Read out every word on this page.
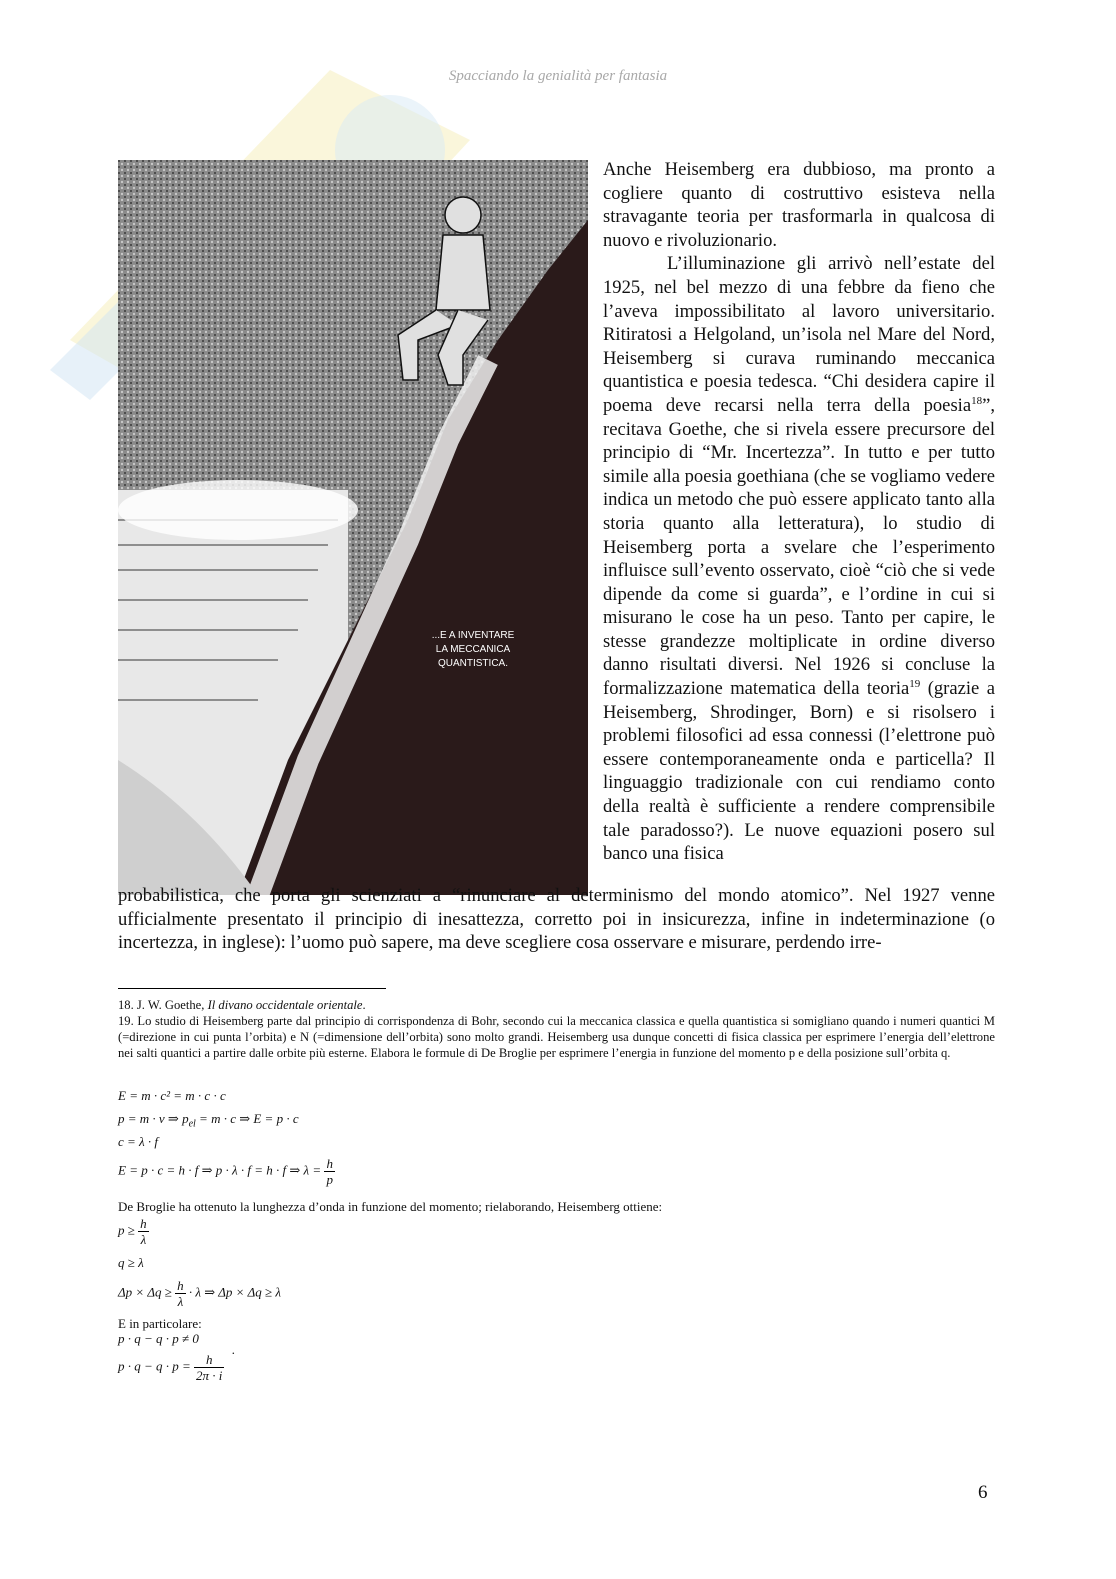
Spacciando la genialità per fantasia
...E A INVENTARE
LA MECCANICA
QUANTISTICA.

Anche Heisemberg era dubbioso, ma pronto a cogliere quanto di costruttivo esisteva nella stravagante teoria per trasformarla in qualcosa di nuovo e rivoluzionario.

L’illuminazione gli arrivò nell’estate del 1925, nel bel mezzo di una febbre da fieno che l’aveva impossibilitato al lavoro universitario. Ritiratosi a Helgoland, un’isola nel Mare del Nord, Heisemberg si curava ruminando meccanica quantistica e poesia tedesca. “Chi desidera capire il poema deve recarsi nella terra della poesia$^{18}$”, recitava Goethe, che si rivela essere precursore del principio di “Mr. Incertezza”. In tutto e per tutto simile alla poesia goethiana (che se vogliamo vedere indica un metodo che può essere applicato tanto alla storia quanto alla letteratura), lo studio di Heisemberg porta a svelare che l’esperimento influisce sull’evento osservato, cioè “ciò che si vede dipende da come si guarda”, e l’ordine in cui si misurano le cose ha un peso. Tanto per capire, le stesse grandezze moltiplicate in ordine diverso danno risultati diversi. Nel 1926 si concluse la formalizzazione matematica della teoria$^{19}$ (grazie a Heisemberg, Shrodinger, Born) e si risolsero i problemi filosofici ad essa connessi (l’elettrone può essere contemporaneamente onda e particella? Il linguaggio tradizionale con cui rendiamo conto della realtà è sufficiente a rendere comprensibile tale paradosso?). Le nuove equazioni posero sul banco una fisica

probabilistica, che porta gli scienziati a “rinunciare al determinismo del mondo atomico”. Nel 1927 venne ufficialmente presentato il principio di inesattezza, corretto poi in insicurezza, infine in indeterminazione (o incertezza, in inglese): l’uomo può sapere, ma deve scegliere cosa osservare e misurare, perdendo irre-

18. J. W. Goethe, Il divano occidentale orientale.

19. Lo studio di Heisemberg parte dal principio di corrispondenza di Bohr, secondo cui la meccanica classica e quella quantistica si somigliano quando i numeri quantici M (=direzione in cui punta l’orbita) e N (=dimensione dell’orbita) sono molto grandi. Heisemberg usa dunque concetti di fisica classica per esprimere l’energia dell’elettrone nei salti quantici a partire dalle orbite più esterne. Elabora le formule di De Broglie per esprimere l’energia in funzione del momento p e della posizione sull’orbita q.

E = m · c² = m · c · c
p = m · v ⇒ $p_{el} = m \cdot c$ ⇒ E = p · c
c = λ · f
E = p · c = h · f ⇒ p · λ · f = h · f ⇒ $\lambda = \frac{h}{p}$
De Broglie ha ottenuto la lunghezza d’onda in funzione del momento; rielaborando, Heisemberg ottiene:
$p \ge \frac{h}{\lambda}$
q ≥ λ
$\Delta p \times \Delta q \ge \frac{h}{\lambda} \cdot \lambda$ ⇒ Δp × Δq ≥ λ
E in particolare:
p · q − q · p ≠ 0
.
$p \cdot q - q \cdot p = \frac{h}{2\pi \cdot i}$
6
